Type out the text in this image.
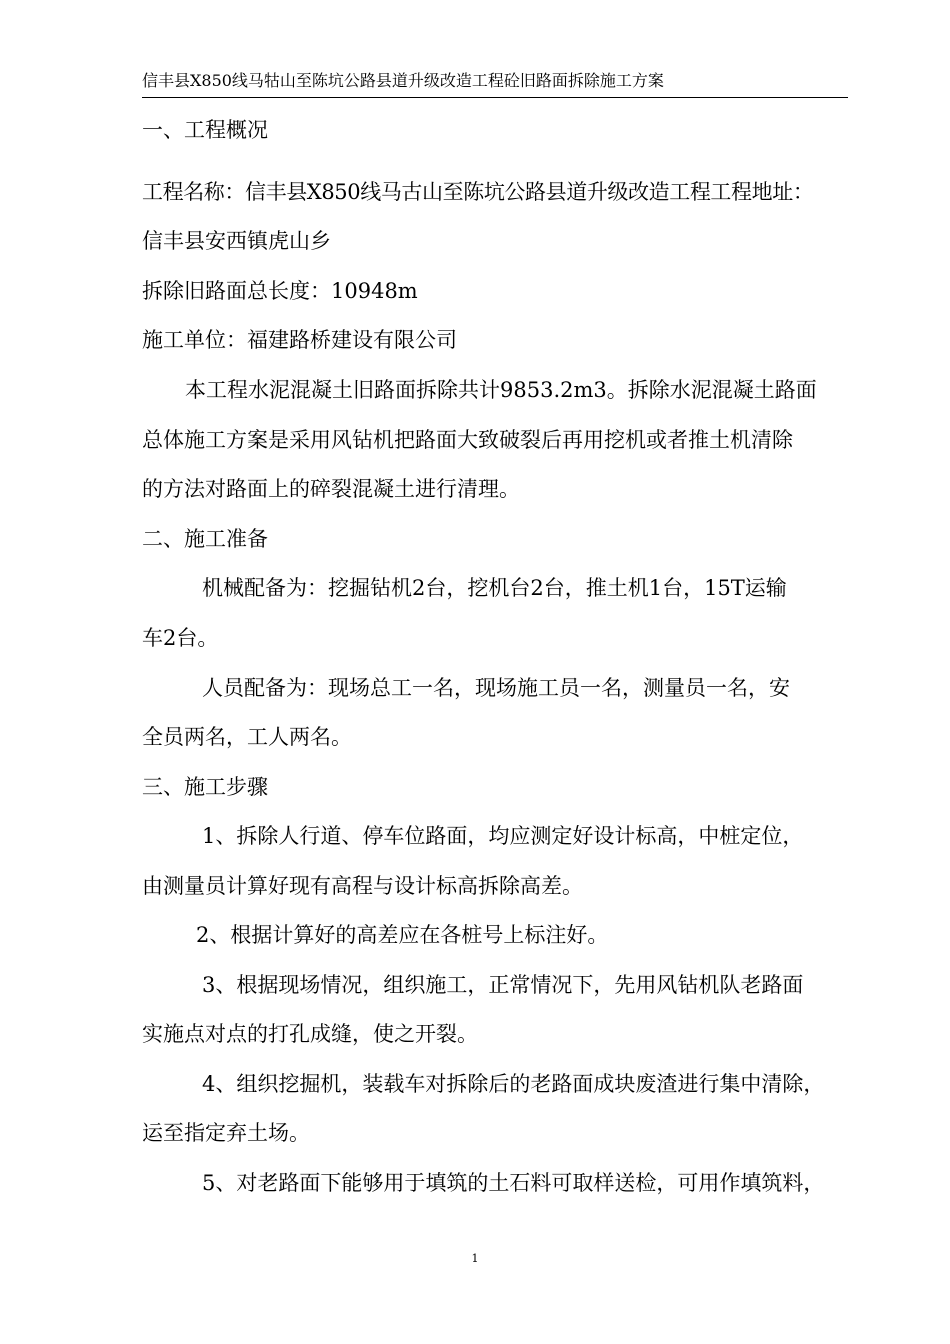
信丰县X850线马牯山至陈坑公路县道升级改造工程砼旧路面拆除施工方案
一、工程概况
工程名称：信丰县X850线马古山至陈坑公路县道升级改造工程工程地址：
信丰县安西镇虎山乡
拆除旧路面总长度：10948m
施工单位：福建路桥建设有限公司
本工程水泥混凝土旧路面拆除共计9853.2m3。拆除水泥混凝土路面
总体施工方案是采用风钻机把路面大致破裂后再用挖机或者推土机清除
的方法对路面上的碎裂混凝土进行清理。
二、施工准备
机械配备为：挖掘钻机2台，挖机台2台，推土机1台，15T运输
车2台。
人员配备为：现场总工一名，现场施工员一名，测量员一名，安
全员两名，工人两名。
三、施工步骤
1、拆除人行道、停车位路面，均应测定好设计标高，中桩定位，
由测量员计算好现有高程与设计标高拆除高差。
2、根据计算好的高差应在各桩号上标注好。
3、根据现场情况，组织施工，正常情况下，先用风钻机队老路面
实施点对点的打孔成缝，使之开裂。
4、组织挖掘机，装载车对拆除后的老路面成块废渣进行集中清除，
运至指定弃土场。
5、对老路面下能够用于填筑的土石料可取样送检，可用作填筑料，
1
